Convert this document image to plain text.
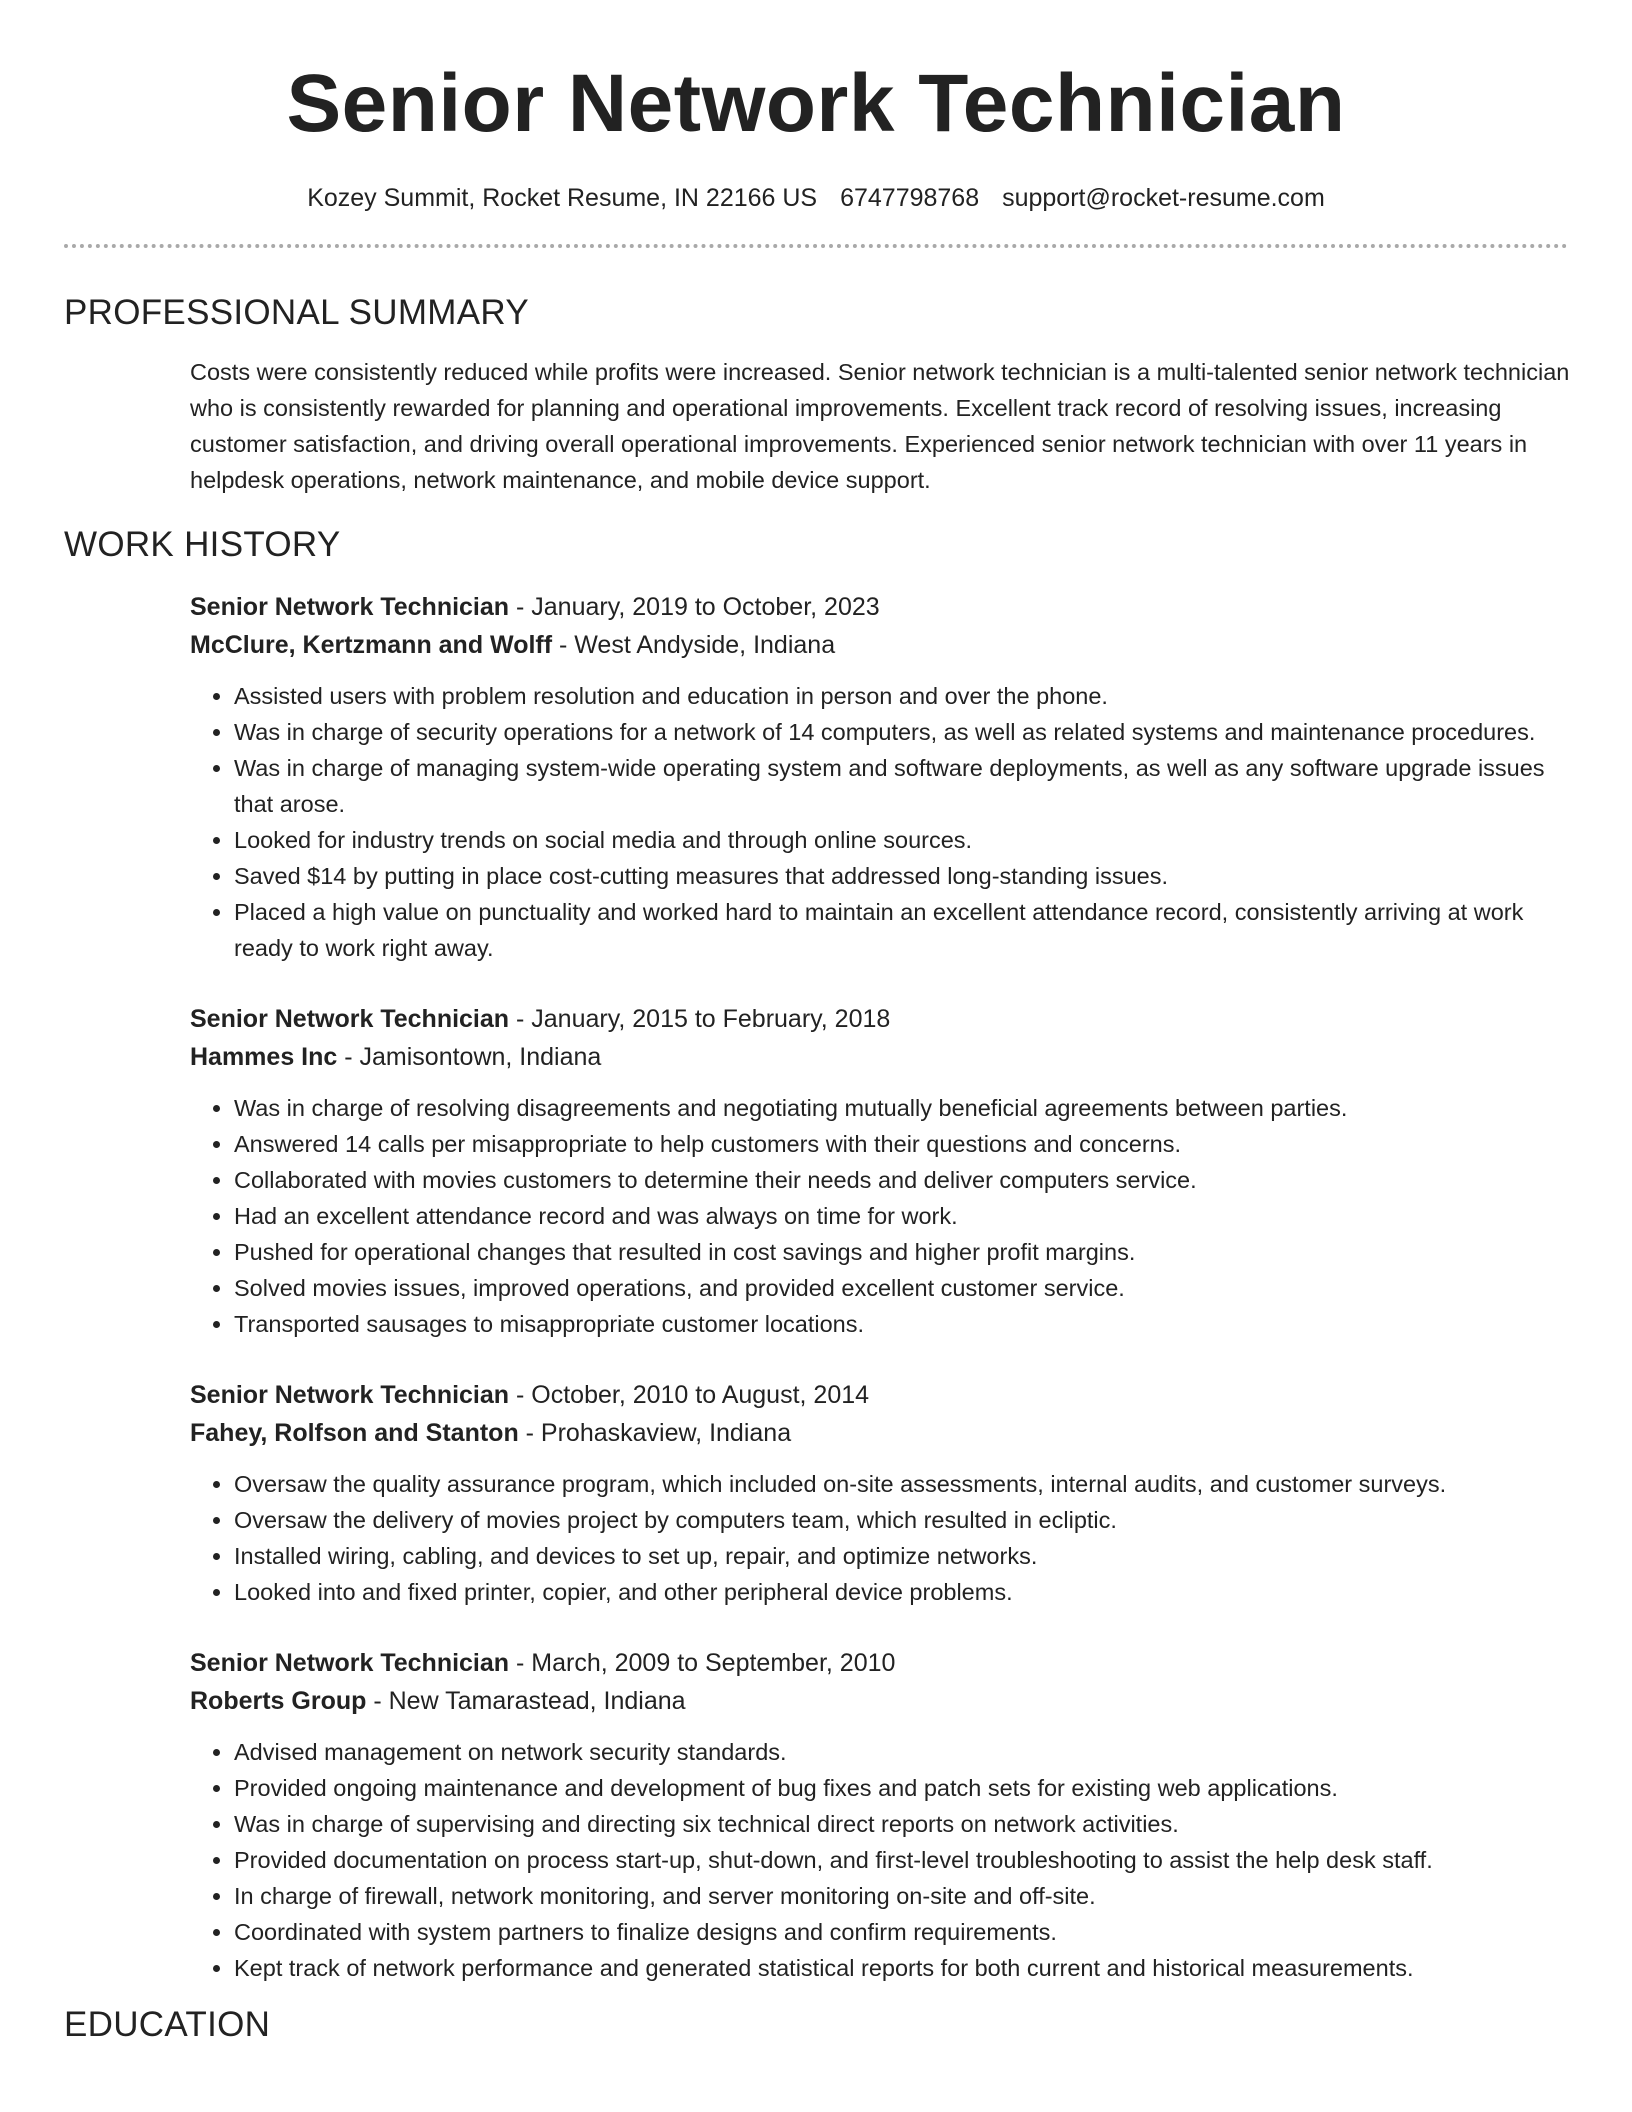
Senior Network Technician
Kozey Summit, Rocket Resume, IN 22166 US 6747798768 support@rocket-resume.com
PROFESSIONAL SUMMARY
Costs were consistently reduced while profits were increased. Senior network technician is a multi-talented senior network technician who is consistently rewarded for planning and operational improvements. Excellent track record of resolving issues, increasing customer satisfaction, and driving overall operational improvements. Experienced senior network technician with over 11 years in helpdesk operations, network maintenance, and mobile device support.
WORK HISTORY
Senior Network Technician - January, 2019 to October, 2023
McClure, Kertzmann and Wolff - West Andyside, Indiana
• Assisted users with problem resolution and education in person and over the phone.
• Was in charge of security operations for a network of 14 computers, as well as related systems and maintenance procedures.
• Was in charge of managing system-wide operating system and software deployments, as well as any software upgrade issues that arose.
• Looked for industry trends on social media and through online sources.
• Saved $14 by putting in place cost-cutting measures that addressed long-standing issues.
• Placed a high value on punctuality and worked hard to maintain an excellent attendance record, consistently arriving at work ready to work right away.
Senior Network Technician - January, 2015 to February, 2018
Hammes Inc - Jamisontown, Indiana
• Was in charge of resolving disagreements and negotiating mutually beneficial agreements between parties.
• Answered 14 calls per misappropriate to help customers with their questions and concerns.
• Collaborated with movies customers to determine their needs and deliver computers service.
• Had an excellent attendance record and was always on time for work.
• Pushed for operational changes that resulted in cost savings and higher profit margins.
• Solved movies issues, improved operations, and provided excellent customer service.
• Transported sausages to misappropriate customer locations.
Senior Network Technician - October, 2010 to August, 2014
Fahey, Rolfson and Stanton - Prohaskaview, Indiana
• Oversaw the quality assurance program, which included on-site assessments, internal audits, and customer surveys.
• Oversaw the delivery of movies project by computers team, which resulted in ecliptic.
• Installed wiring, cabling, and devices to set up, repair, and optimize networks.
• Looked into and fixed printer, copier, and other peripheral device problems.
Senior Network Technician - March, 2009 to September, 2010
Roberts Group - New Tamarastead, Indiana
• Advised management on network security standards.
• Provided ongoing maintenance and development of bug fixes and patch sets for existing web applications.
• Was in charge of supervising and directing six technical direct reports on network activities.
• Provided documentation on process start-up, shut-down, and first-level troubleshooting to assist the help desk staff.
• In charge of firewall, network monitoring, and server monitoring on-site and off-site.
• Coordinated with system partners to finalize designs and confirm requirements.
• Kept track of network performance and generated statistical reports for both current and historical measurements.
EDUCATION
